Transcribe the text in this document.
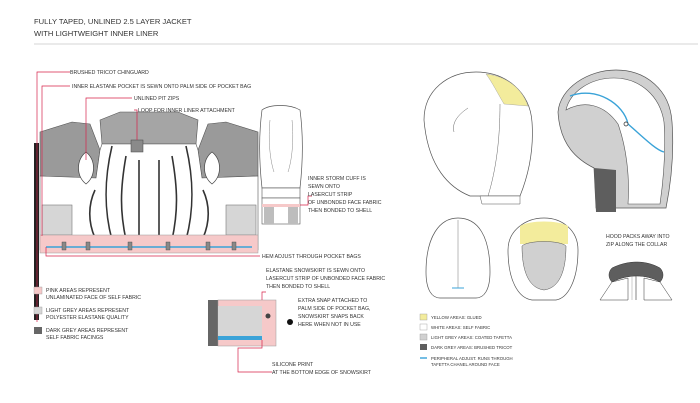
FULLY TAPED, UNLINED 2.5 LAYER JACKET
WITH LIGHTWEIGHT INNER LINER
BRUSHED TRICOT CHINGUARD
INNER ELASTANE POCKET IS SEWN ONTO PALM SIDE OF POCKET BAG
UNLINED PIT ZIPS
LOOP FOR INNER LINER ATTACHMENT
HEM ADJUST THROUGH POCKET BAGS
INNER STORM CUFF IS
SEWN ONTO
LASERCUT STRIP
OF UNBONDED FACE FABRIC
THEN BONDED TO SHELL
ELASTANE SNOWSKIRT IS SEWN ONTO
LASERCUT STRIP OF UNBONDED FACE FABRIC
THEN BONDED TO SHELL
EXTRA SNAP ATTACHED TO
PALM SIDE OF POCKET BAG,
SNOWSKIRT SNAPS BACK
HERE WHEN NOT IN USE
SILICONE PRINT
AT THE BOTTOM EDGE OF SNOWSKIRT
PINK AREAS REPRESENT
UNLAMINATED FACE OF SELF FABRIC
LIGHT GREY AREAS REPRESENT
POLYESTER ELASTANE QUALITY
DARK GREY AREAS REPRESENT
SELF FABRIC FACINGS
HOOD PACKS AWAY INTO
ZIP ALONG THE COLLAR
YELLOW AREAS: GLUED
WHITE AREAS: SELF FABRIC
LIGHT GREY AREAS: COATED TAFETTA
DARK GREY AREAS: BRUSHED TRICOT
PERIPHERAL ADJUST. RUNS THROUGH
TAFETTA CHANEL AROUND FACE
